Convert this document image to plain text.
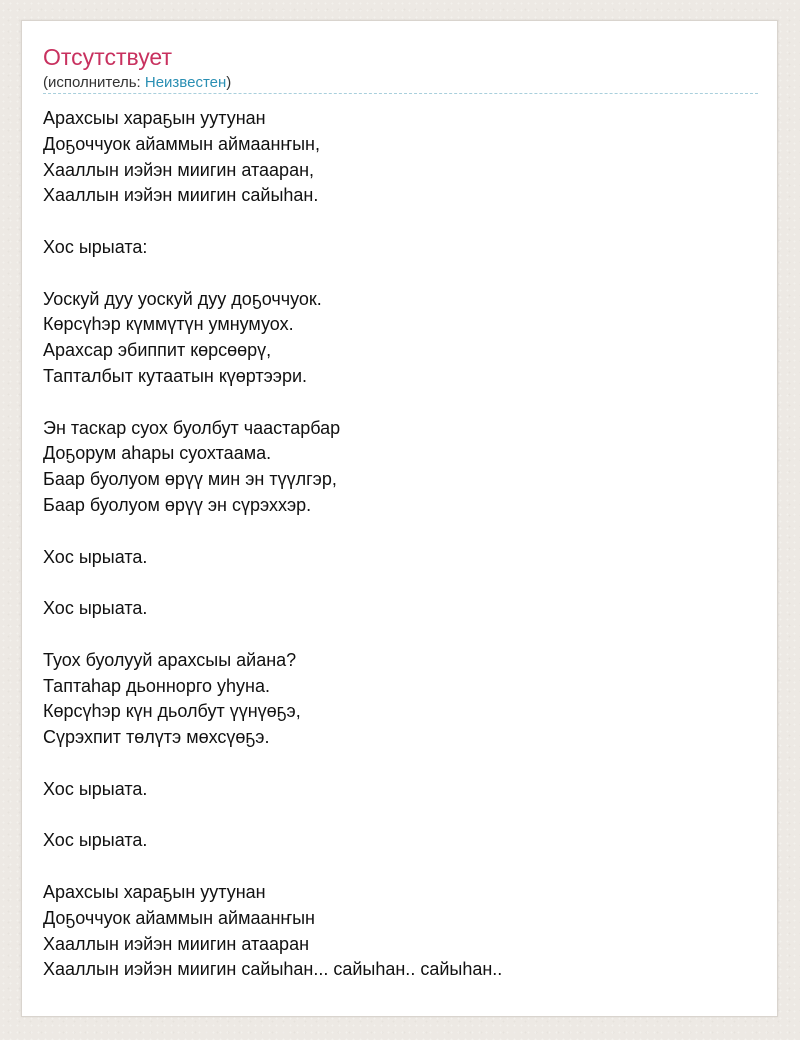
Отсутствует
(исполнитель: Неизвестен)
Арахсыы хараҕын уутунан
Доҕоччуок айаммын аймаанҥын,
Хааллын иэйэн миигин атааран,
Хааллын иэйэн миигин сайыһан.
Хос ырыата:
Уоскуй дуу уоскуй дуу доҕоччуок.
Көрсүһэр күммүтүн умнумуох.
Арахсар эбиппит көрсөөрү,
Тапталбыт кутаатын күөртээри.
Эн таскар суох буолбут чаастарбар
Доҕорум аһары суохтаама.
Баар буолуом өрүү мин эн түүлгэр,
Баар буолуом өрүү эн сүрэххэр.
Хос ырыата.
Хос ырыата.
Туох буолууй арахсыы айана?
Таптаһар дьоннорго уһуна.
Көрсүһэр күн дьолбут үүнүөҕэ,
Сүрэхпит төлүтэ мөхсүөҕэ.
Хос ырыата.
Хос ырыата.
Арахсыы хараҕын уутунан
Доҕоччуок айаммын аймаанҥын
Хааллын иэйэн миигин атааран
Хааллын иэйэн миигин сайыһан... сайыһан.. сайыһан..
